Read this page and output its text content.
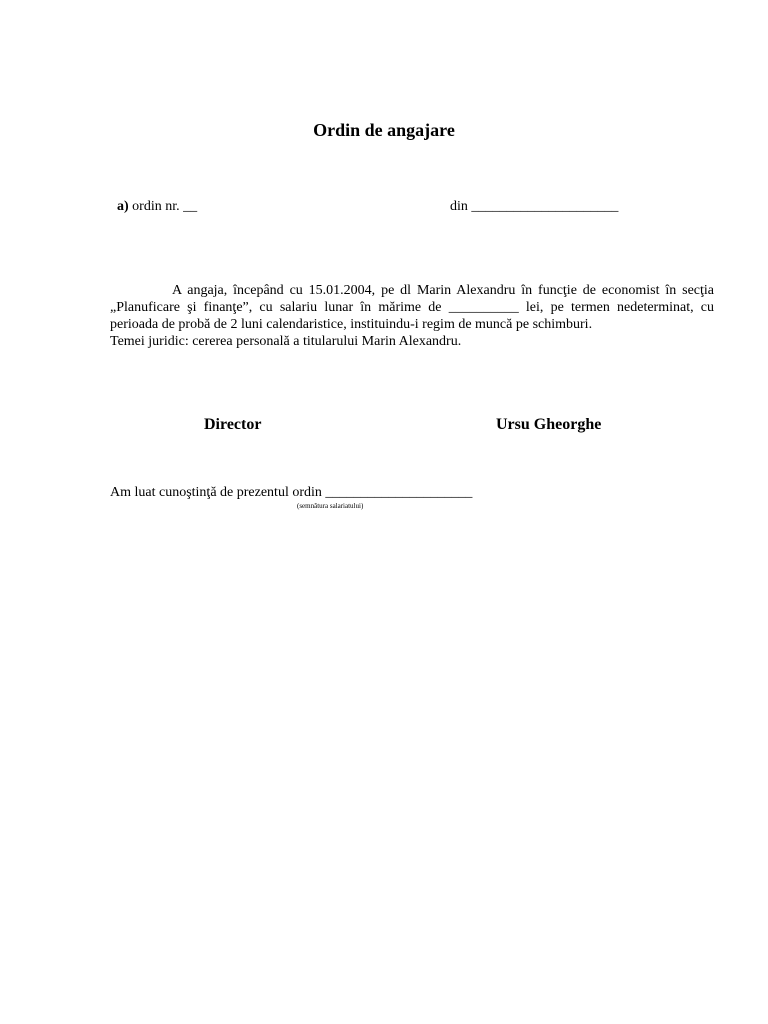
Ordin de angajare
a) ordin nr. __	din _____________________

A angaja, începând cu 15.01.2004, pe dl Marin Alexandru în funcţie de economist în secţia „Planuficare şi finanţe”, cu salariu lunar în mărime de __________ lei, pe termen nedeterminat, cu perioada de probă de 2 luni calendaristice, instituindu-i regim de muncă pe schimburi.

Temei juridic: cererea personală a titularului Marin Alexandru.

Director	Ursu Gheorghe
Am luat cunoştinţă de prezentul ordin _____________________
(semnătura salariatului)
